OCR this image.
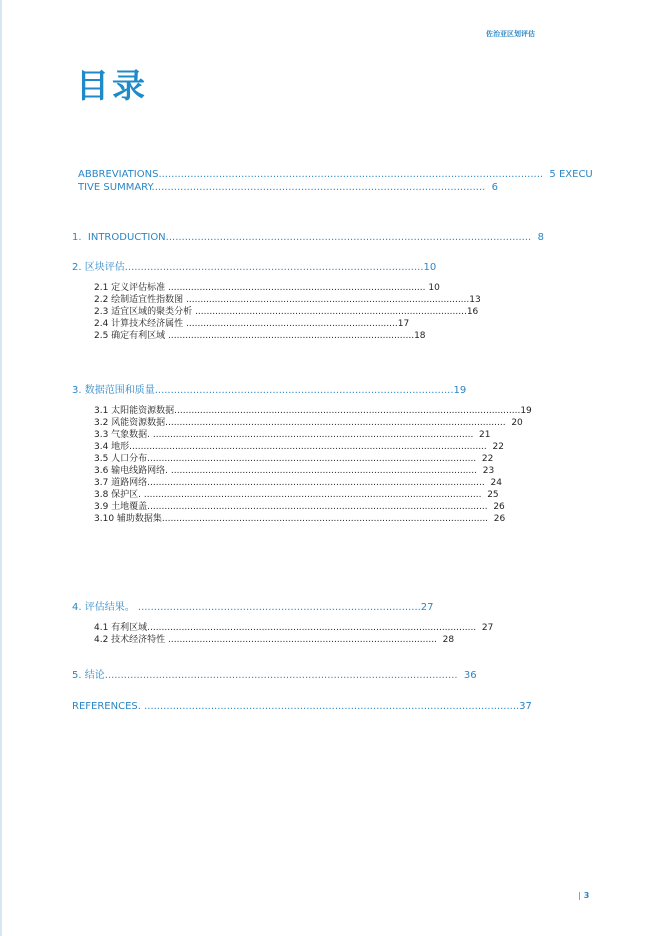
佐治亚区划评估
目录
ABBREVIATIONS.........................................................................................................................  5 EXECU
TIVE SUMMARY.........................................................................................................  6
1.  INTRODUCTION...................................................................................................................  8
2. 区块评估..............................................................................................10
2.1 定义评估标准 .......................................................................................... 10
2.2 绘制适宜性指数图 ...................................................................................................13
2.3 适宜区域的聚类分析 ...............................................................................................16
2.4 计算技术经济属性 ..........................................................................17
2.5 确定有利区域 ......................................................................................18
3. 数据范围和质量..............................................................................................19
3.1 太阳能资源数据.........................................................................................................................19
3.2 风能资源数据.......................................................................................................................  20
3.3 气象数据. ................................................................................................................  21
3.4 地形.............................................................................................................................  22
3.5 人口分布...................................................................................................................  22
3.6 输电线路网络. ...........................................................................................................  23
3.7 道路网络......................................................................................................................  24
3.8 保护区. ......................................................................................................................  25
3.9 土地覆盖.......................................................................................................................  26
3.10 辅助数据集..................................................................................................................  26
4. 评估结果。 .........................................................................................27
4.1 有利区域...................................................................................................................  27
4.2 技术经济特性 ..............................................................................................  28
5. 结论...............................................................................................................  36
REFERENCES. ......................................................................................................................37
| 3
